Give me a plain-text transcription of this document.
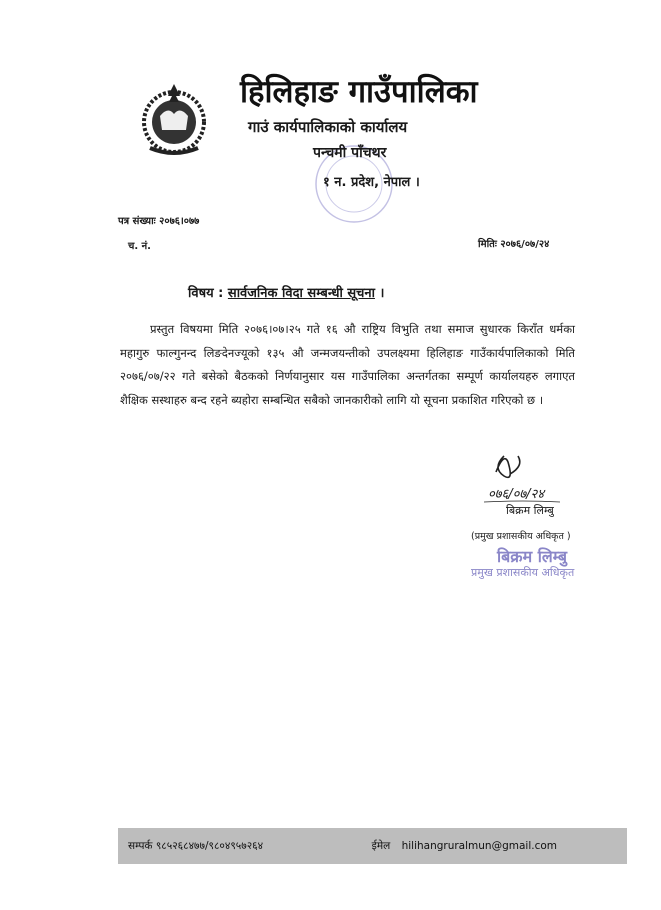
हिलिहाङ गाउँपालिका
गाउं कार्यपालिकाको कार्यालय
पन्चमी पाँचथर
१ न. प्रदेश, नेपाल ।
पत्र संख्याः २०७६।०७७
च. नं.	मितिः २०७६/०७/२४
विषय : सार्वजनिक विदा सम्बन्धी सूचना ।

प्रस्तुत विषयमा मिति २०७६।०७।२५ गते १६ औ राष्ट्रिय विभुति तथा समाज सुधारक किराँत धर्मका महागुरु फाल्गुनन्द लिङदेनज्यूको १३५ औ जन्मजयन्तीको उपलक्ष्यमा हिलिहाङ गाउँकार्यपालिकाको मिति २०७६/०७/२२ गते बसेको बैठकको निर्णयानुसार यस गाउँपालिका अन्तर्गतका सम्पूर्ण कार्यालयहरु लगाएत शैक्षिक सस्थाहरु बन्द रहने ब्यहोरा सम्बन्धित सबैको जानकारीको लागि यो सूचना प्रकाशित गरिएको छ ।

०७६/०७/२४
बिक्रम लिम्बु
(प्रमुख प्रशासकीय अधिकृत )
बिक्रम लिम्बु
प्रमुख प्रशासकीय अधिकृत
सम्पर्क ९८५२६८४७७/९८०४९५७२६४	ईमेल hilihangruralmun@gmail.com
